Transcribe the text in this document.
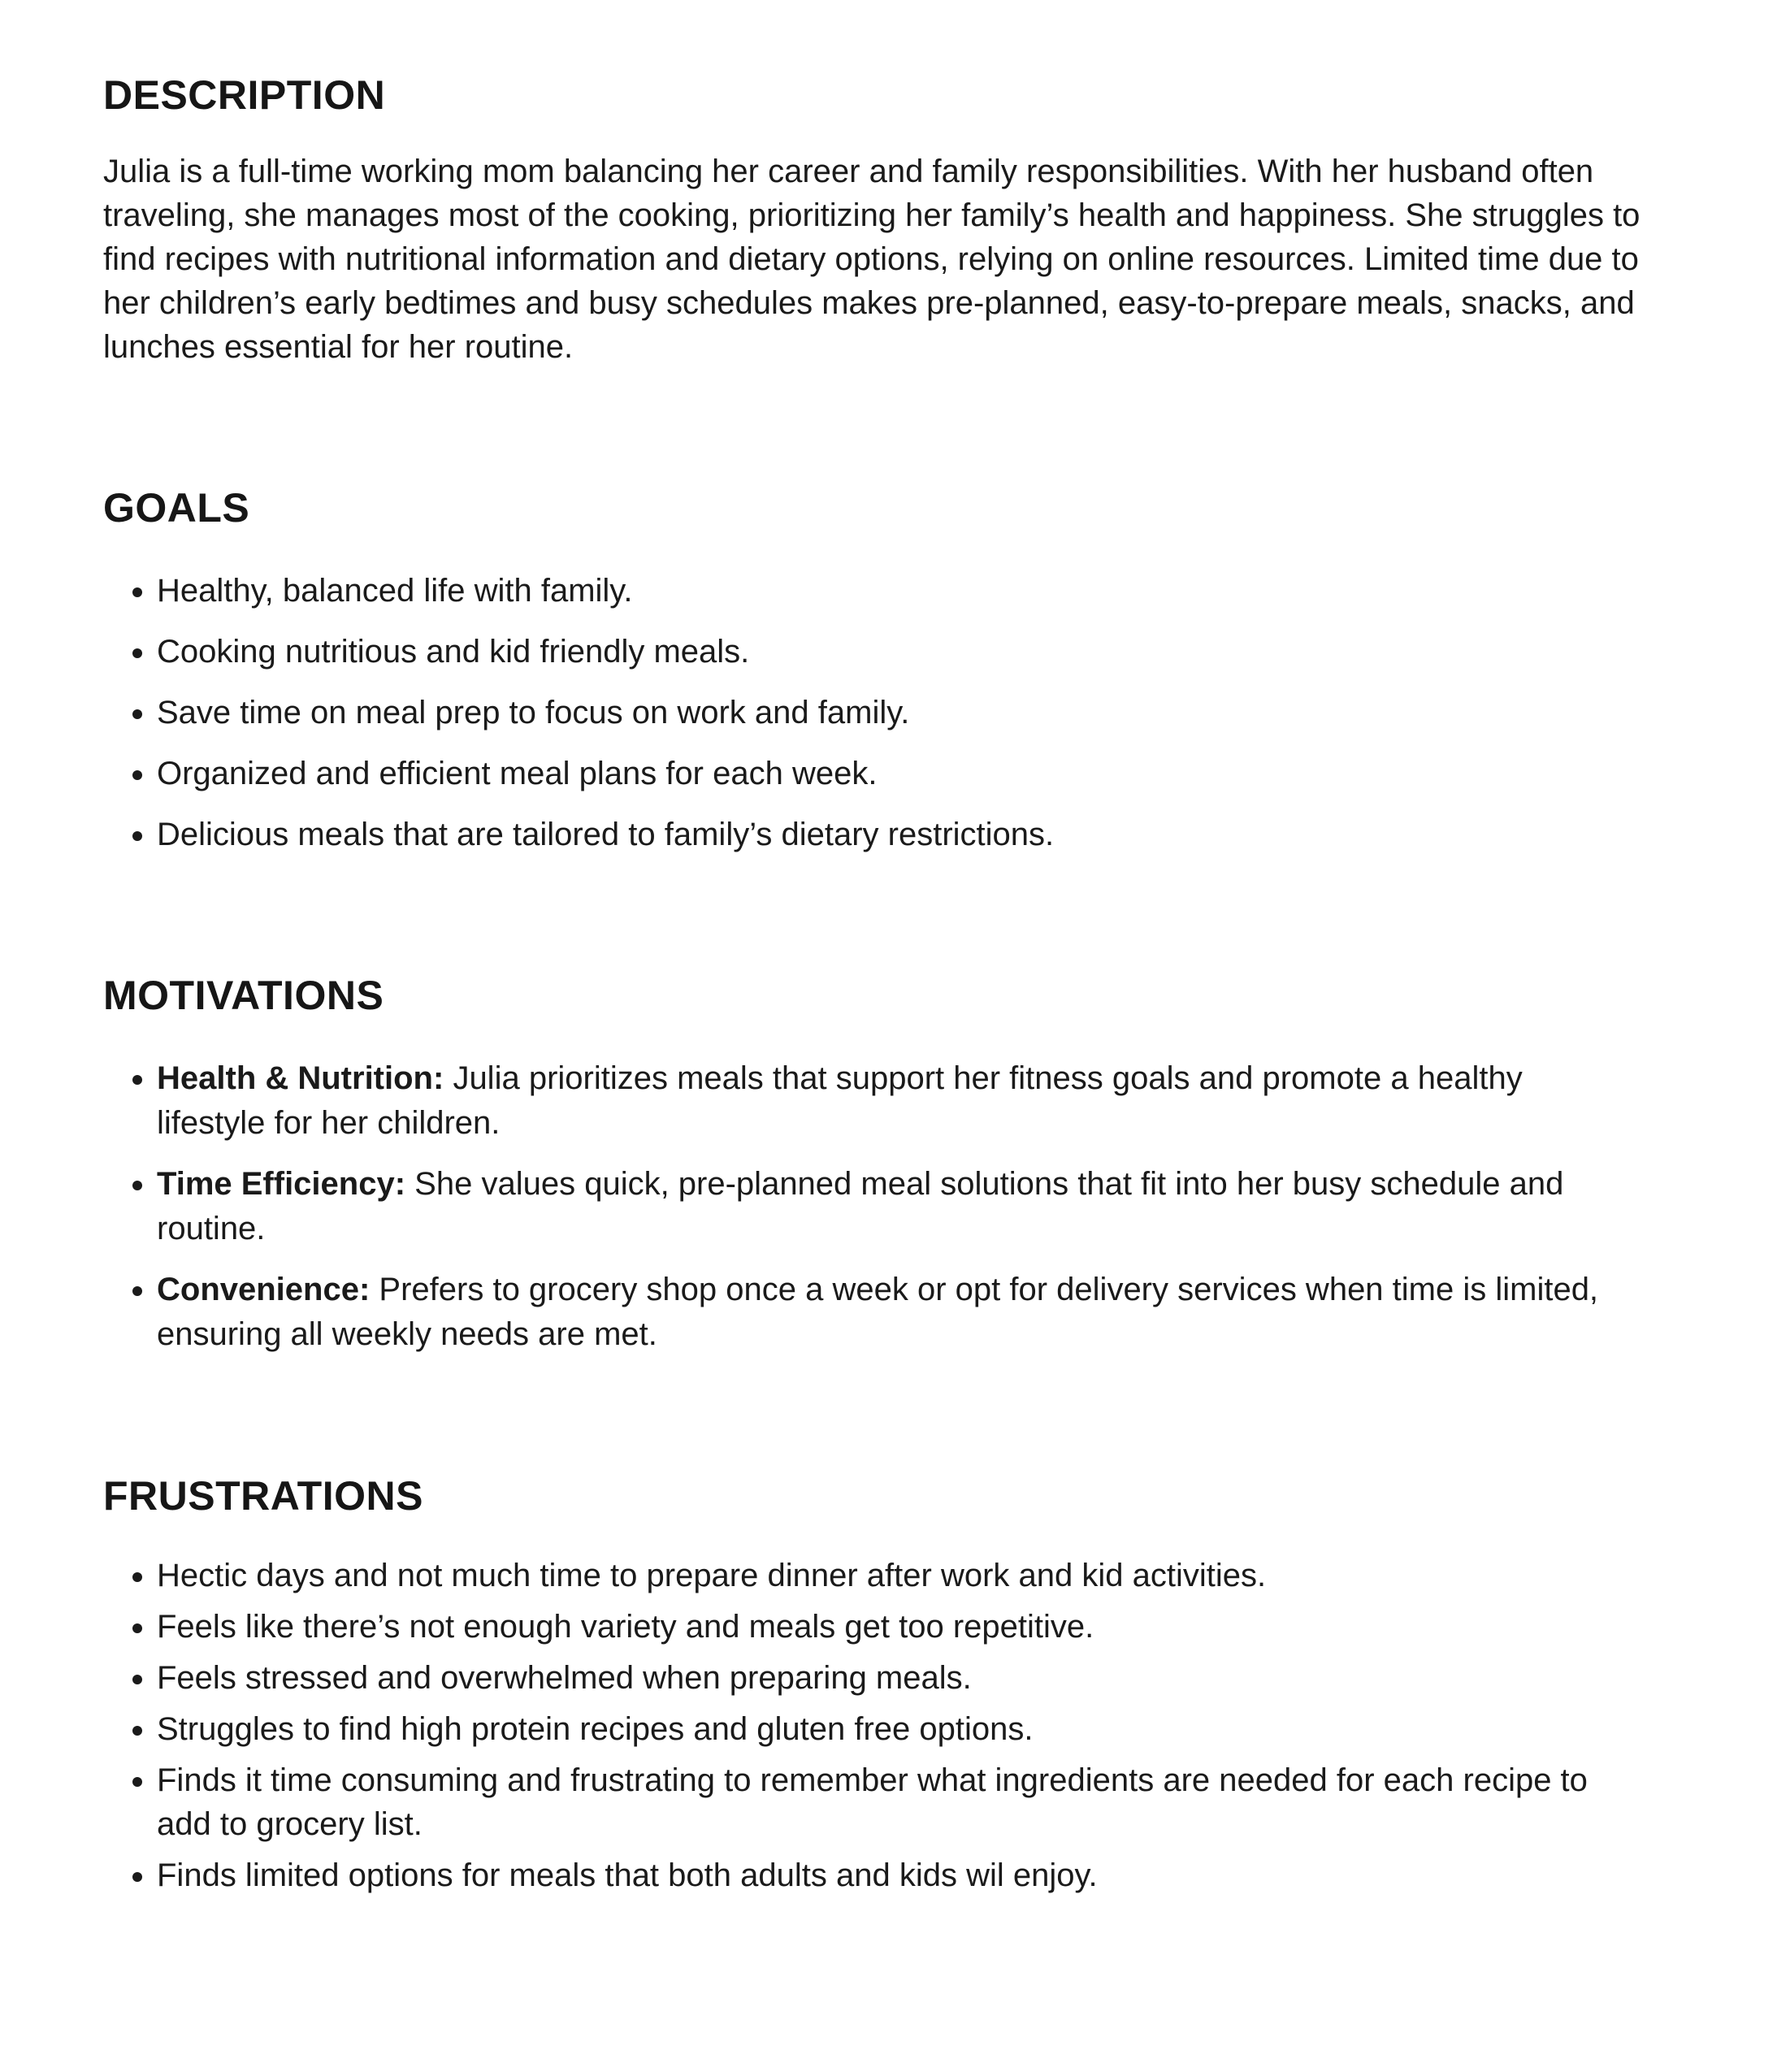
DESCRIPTION

Julia is a full-time working mom balancing her career and family responsibilities. With her husband often traveling, she manages most of the cooking, prioritizing her family’s health and happiness. She struggles to find recipes with nutritional information and dietary options, relying on online resources. Limited time due to her children’s early bedtimes and busy schedules makes pre-planned, easy-to-prepare meals, snacks, and lunches essential for her routine.

GOALS
• Healthy, balanced life with family.
• Cooking nutritious and kid friendly meals.
• Save time on meal prep to focus on work and family.
• Organized and efficient meal plans for each week.
• Delicious meals that are tailored to family’s dietary restrictions.
MOTIVATIONS
• Health & Nutrition: Julia prioritizes meals that support her fitness goals and promote a healthy lifestyle for her children.
• Time Efficiency: She values quick, pre-planned meal solutions that fit into her busy schedule and routine.
• Convenience: Prefers to grocery shop once a week or opt for delivery services when time is limited, ensuring all weekly needs are met.
FRUSTRATIONS
• Hectic days and not much time to prepare dinner after work and kid activities.
• Feels like there’s not enough variety and meals get too repetitive.
• Feels stressed and overwhelmed when preparing meals.
• Struggles to find high protein recipes and gluten free options.
• Finds it time consuming and frustrating to remember what ingredients are needed for each recipe to add to grocery list.
• Finds limited options for meals that both adults and kids wil enjoy.
